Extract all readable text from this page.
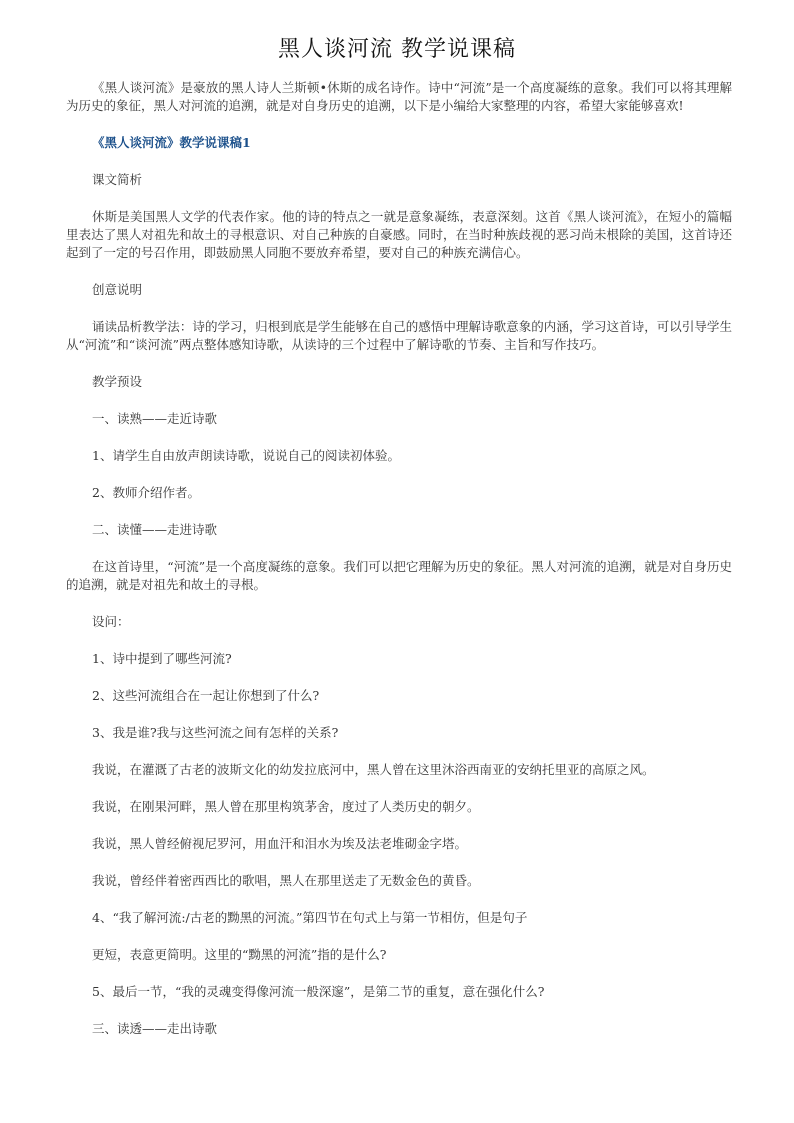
黑人谈河流 教学说课稿

《黑人谈河流》是豪放的黑人诗人兰斯顿•休斯的成名诗作。诗中“河流”是一个高度凝练的意象。我们可以将其理解为历史的象征，黑人对河流的追溯，就是对自身历史的追溯，以下是小编给大家整理的内容，希望大家能够喜欢!

《黑人谈河流》教学说课稿1

课文简析

休斯是美国黑人文学的代表作家。他的诗的特点之一就是意象凝练，表意深刻。这首《黑人谈河流》，在短小的篇幅里表达了黑人对祖先和故土的寻根意识、对自己种族的自豪感。同时，在当时种族歧视的恶习尚未根除的美国，这首诗还起到了一定的号召作用，即鼓励黑人同胞不要放弃希望，要对自己的种族充满信心。

创意说明

诵读品析教学法：诗的学习，归根到底是学生能够在自己的感悟中理解诗歌意象的内涵，学习这首诗，可以引导学生从“河流”和“谈河流”两点整体感知诗歌，从读诗的三个过程中了解诗歌的节奏、主旨和写作技巧。

教学预设

一、读熟——走近诗歌

1、请学生自由放声朗读诗歌，说说自己的阅读初体验。

2、教师介绍作者。

二、读懂——走进诗歌

在这首诗里，“河流”是一个高度凝练的意象。我们可以把它理解为历史的象征。黑人对河流的追溯，就是对自身历史的追溯，就是对祖先和故土的寻根。

设问：

1、诗中提到了哪些河流?

2、这些河流组合在一起让你想到了什么?

3、我是谁?我与这些河流之间有怎样的关系?

我说，在灌溉了古老的波斯文化的幼发拉底河中，黑人曾在这里沐浴西南亚的安纳托里亚的高原之风。

我说，在刚果河畔，黑人曾在那里构筑茅舍，度过了人类历史的朝夕。

我说，黑人曾经俯视尼罗河，用血汗和泪水为埃及法老堆砌金字塔。

我说，曾经伴着密西西比的歌唱，黑人在那里送走了无数金色的黄昏。

4、“我了解河流:/古老的黝黑的河流。”第四节在句式上与第一节相仿，但是句子

更短，表意更简明。这里的“黝黑的河流”指的是什么?

5、最后一节，“我的灵魂变得像河流一般深邃”，是第二节的重复，意在强化什么?

三、读透——走出诗歌
